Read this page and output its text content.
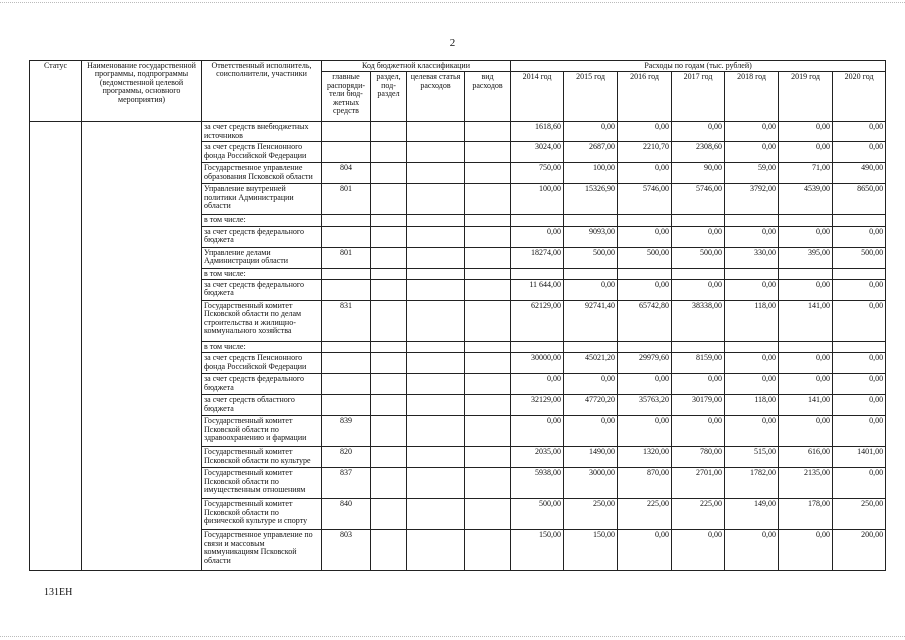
2
Статус	Наименование государственной программы, подпрограммы (ведомственной целевой программы, основного мероприятия)	Ответственный исполнитель, соисполнители, участники	Код бюджетной классификации				Расходы по годам (тыс. рублей)						
			главные распоряди-тели бюд-жетных средств	раздел, под-раздел	целевая статья расходов	вид расходов	2014 год	2015 год	2016 год	2017 год	2018 год	2019 год	2020 год
		за счет средств внебюджетных источников					1618,60	0,00	0,00	0,00	0,00	0,00	0,00
		за счет средств Пенсионного фонда Российской Федерации					3024,00	2687,00	2210,70	2308,60	0,00	0,00	0,00
		Государственное управление образования Псковской области	804				750,00	100,00	0,00	90,00	59,00	71,00	490,00
		Управление внутренней политики Администрации области	801				100,00	15326,90	5746,00	5746,00	3792,00	4539,00	8650,00
		в том числе:											
		за счет средств федерального бюджета					0,00	9093,00	0,00	0,00	0,00	0,00	0,00
		Управление делами Администрации области	801				18274,00	500,00	500,00	500,00	330,00	395,00	500,00
		в том числе:											
		за счет средств федерального бюджета					11 644,00	0,00	0,00	0,00	0,00	0,00	0,00
		Государственный комитет Псковской области по делам строительства и жилищно-коммунального хозяйства	831				62129,00	92741,40	65742,80	38338,00	118,00	141,00	0,00
		в том числе:											
		за счет средств Пенсионного фонда Российской Федерации					30000,00	45021,20	29979,60	8159,00	0,00	0,00	0,00
		за счет средств федерального бюджета					0,00	0,00	0,00	0,00	0,00	0,00	0,00
		за счет средств областного бюджета					32129,00	47720,20	35763,20	30179,00	118,00	141,00	0,00
		Государственный комитет Псковской области по здравоохранению и фармации	839				0,00	0,00	0,00	0,00	0,00	0,00	0,00
		Государственный комитет Псковской области по культуре	820				2035,00	1490,00	1320,00	780,00	515,00	616,00	1401,00
		Государственный комитет Псковской области по имущественным отношениям	837				5938,00	3000,00	870,00	2701,00	1782,00	2135,00	0,00
		Государственный комитет Псковской области по физической культуре и спорту	840				500,00	250,00	225,00	225,00	149,00	178,00	250,00
		Государственное управление по связи и массовым коммуникациям Псковской области	803				150,00	150,00	0,00	0,00	0,00	0,00	200,00
131ЕН
